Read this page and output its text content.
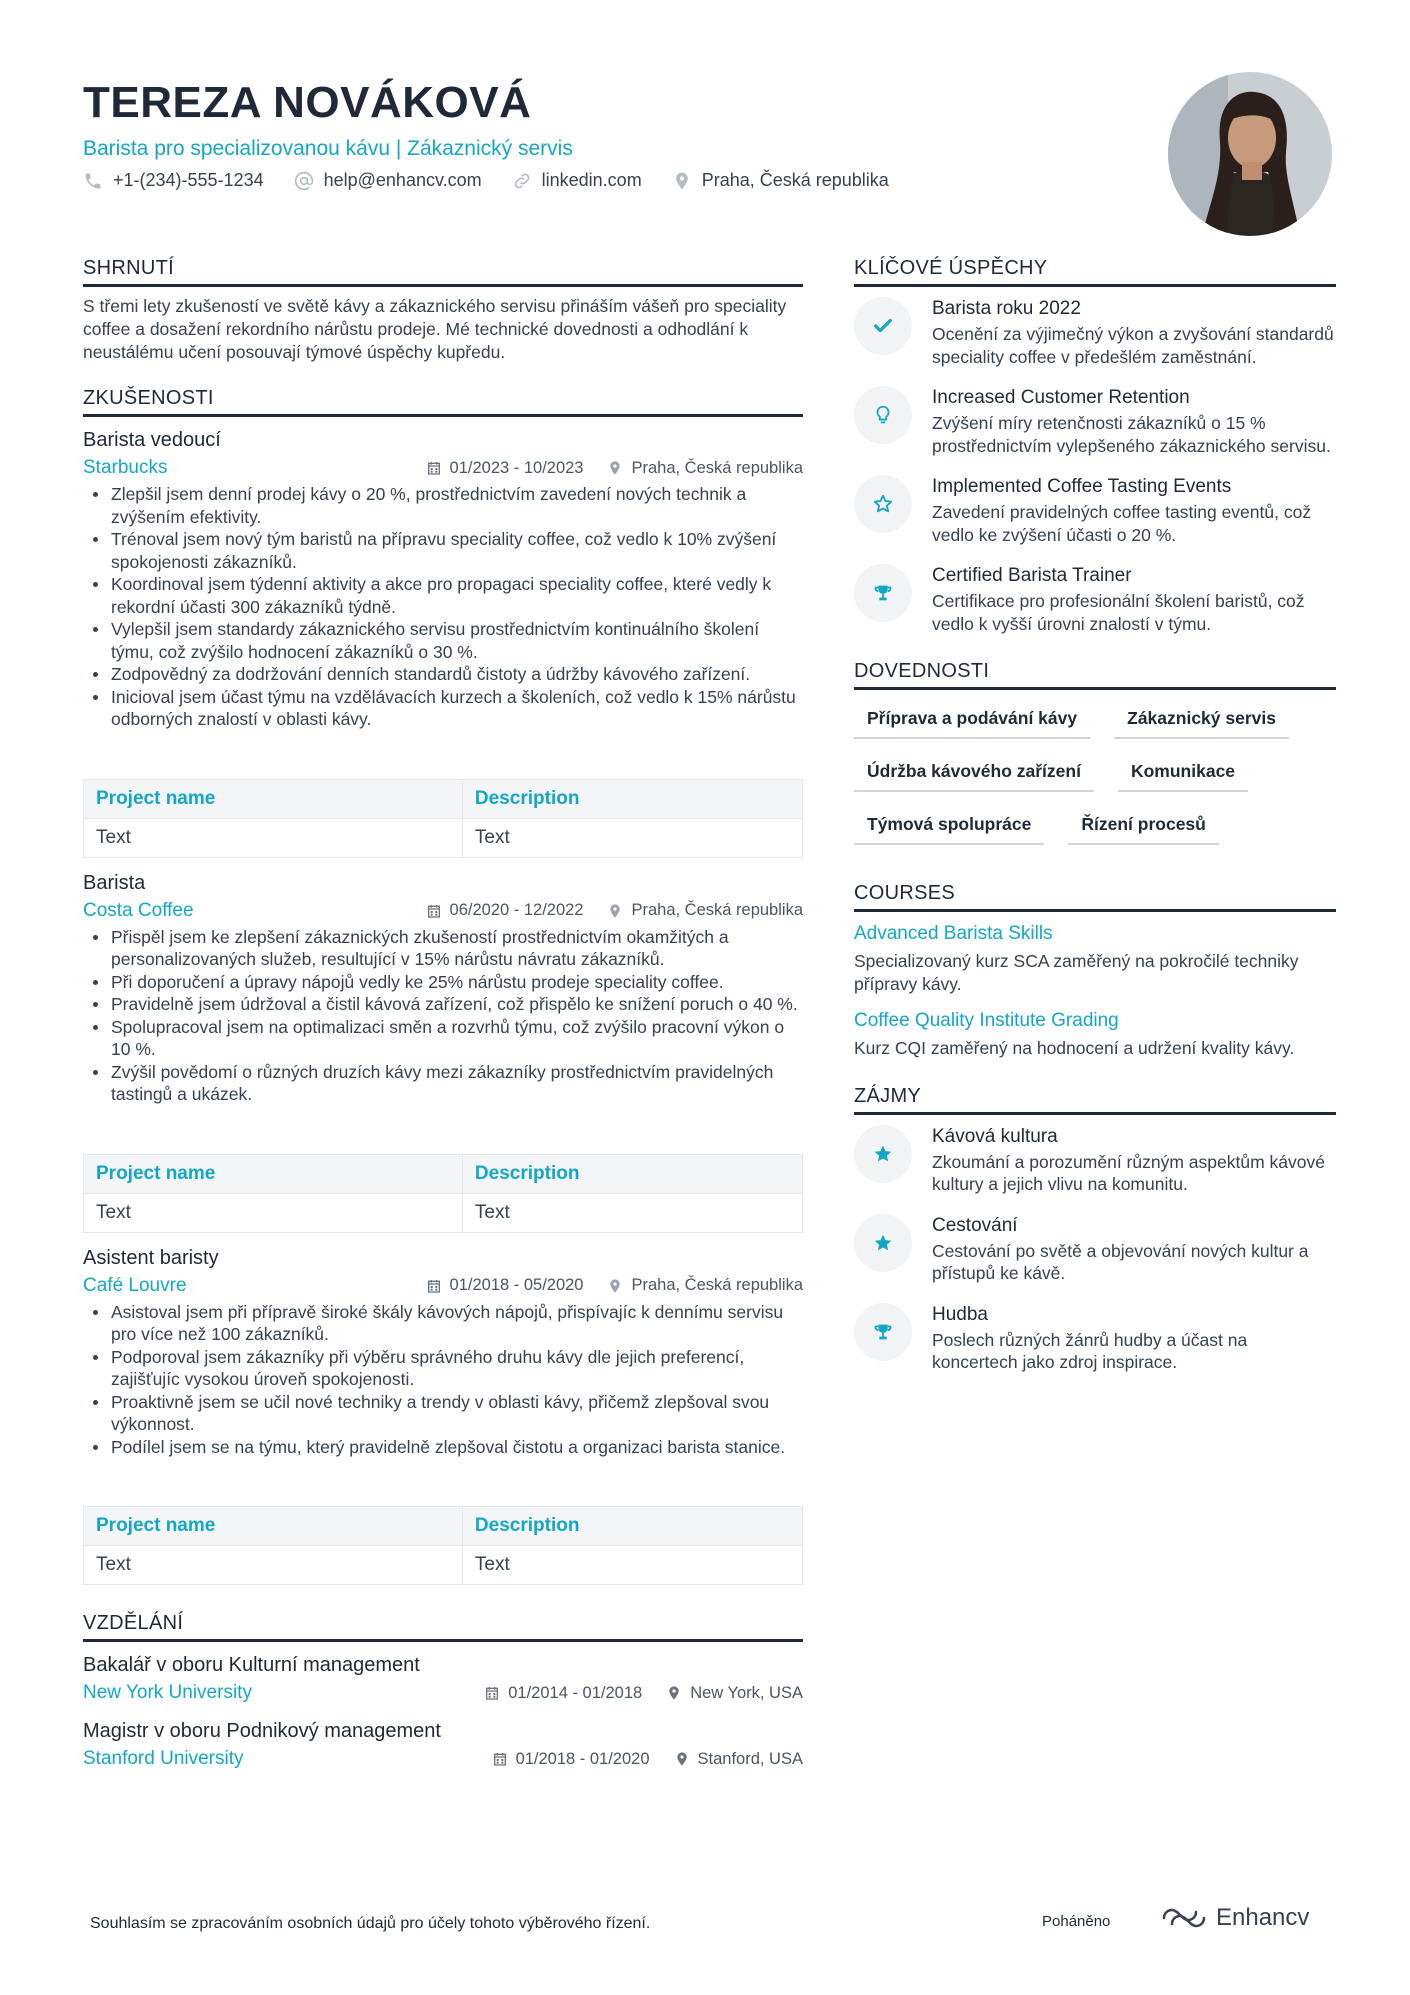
TEREZA NOVÁKOVÁ
Barista pro specializovanou kávu | Zákaznický servis
+1-(234)-555-1234	help@enhancv.com	linkedin.com	Praha, Česká republika
SHRNUTÍ
S třemi lety zkušeností ve světě kávy a zákaznického servisu přináším vášeň pro speciality coffee a dosažení rekordního nárůstu prodeje. Mé technické dovednosti a odhodlání k neustálému učení posouvají týmové úspěchy kupředu.
ZKUŠENOSTI
Barista vedoucí
Starbucks	01/2023 - 10/2023	Praha, Česká republika
Zlepšil jsem denní prodej kávy o 20 %, prostřednictvím zavedení nových technik a zvýšením efektivity.
Trénoval jsem nový tým baristů na přípravu speciality coffee, což vedlo k 10% zvýšení spokojenosti zákazníků.
Koordinoval jsem týdenní aktivity a akce pro propagaci speciality coffee, které vedly k rekordní účasti 300 zákazníků týdně.
Vylepšil jsem standardy zákaznického servisu prostřednictvím kontinuálního školení týmu, což zvýšilo hodnocení zákazníků o 30 %.
Zodpovědný za dodržování denních standardů čistoty a údržby kávového zařízení.
Inicioval jsem účast týmu na vzdělávacích kurzech a školeních, což vedlo k 15% nárůstu odborných znalostí v oblasti kávy.
Project name	Description
Text	Text
Barista
Costa Coffee	06/2020 - 12/2022	Praha, Česká republika
Přispěl jsem ke zlepšení zákaznických zkušeností prostřednictvím okamžitých a personalizovaných služeb, resultující v 15% nárůstu návratu zákazníků.
Při doporučení a úpravy nápojů vedly ke 25% nárůstu prodeje speciality coffee.
Pravidelně jsem údržoval a čistil kávová zařízení, což přispělo ke snížení poruch o 40 %.
Spolupracoval jsem na optimalizaci směn a rozvrhů týmu, což zvýšilo pracovní výkon o 10 %.
Zvýšil povědomí o různých druzích kávy mezi zákazníky prostřednictvím pravidelných tastingů a ukázek.
Project name	Description
Text	Text
Asistent baristy
Café Louvre	01/2018 - 05/2020	Praha, Česká republika
Asistoval jsem při přípravě široké škály kávových nápojů, přispívajíc k dennímu servisu pro více než 100 zákazníků.
Podporoval jsem zákazníky při výběru správného druhu kávy dle jejich preferencí, zajišťujíc vysokou úroveň spokojenosti.
Proaktivně jsem se učil nové techniky a trendy v oblasti kávy, přičemž zlepšoval svou výkonnost.
Podílel jsem se na týmu, který pravidelně zlepšoval čistotu a organizaci barista stanice.
Project name	Description
Text	Text
VZDĚLÁNÍ
Bakalář v oboru Kulturní management
New York University	01/2014 - 01/2018	New York, USA
Magistr v oboru Podnikový management
Stanford University	01/2018 - 01/2020	Stanford, USA
KLÍČOVÉ ÚSPĚCHY
Barista roku 2022
Ocenění za výjimečný výkon a zvyšování standardů speciality coffee v předešlém zaměstnání.
Increased Customer Retention
Zvýšení míry retenčnosti zákazníků o 15 % prostřednictvím vylepšeného zákaznického servisu.
Implemented Coffee Tasting Events
Zavedení pravidelných coffee tasting eventů, což vedlo ke zvýšení účasti o 20 %.
Certified Barista Trainer
Certifikace pro profesionální školení baristů, což vedlo k vyšší úrovni znalostí v týmu.
DOVEDNOSTI
Příprava a podávání kávy	Zákaznický servis
Údržba kávového zařízení	Komunikace
Týmová spolupráce	Řízení procesů
COURSES
Advanced Barista Skills
Specializovaný kurz SCA zaměřený na pokročilé techniky přípravy kávy.
Coffee Quality Institute Grading
Kurz CQI zaměřený na hodnocení a udržení kvality kávy.
ZÁJMY
Kávová kultura
Zkoumání a porozumění různým aspektům kávové kultury a jejich vlivu na komunitu.
Cestování
Cestování po světě a objevování nových kultur a přístupů ke kávě.
Hudba
Poslech různých žánrů hudby a účast na koncertech jako zdroj inspirace.
Souhlasím se zpracováním osobních údajů pro účely tohoto výběrového řízení.	Poháněno	Enhancv
